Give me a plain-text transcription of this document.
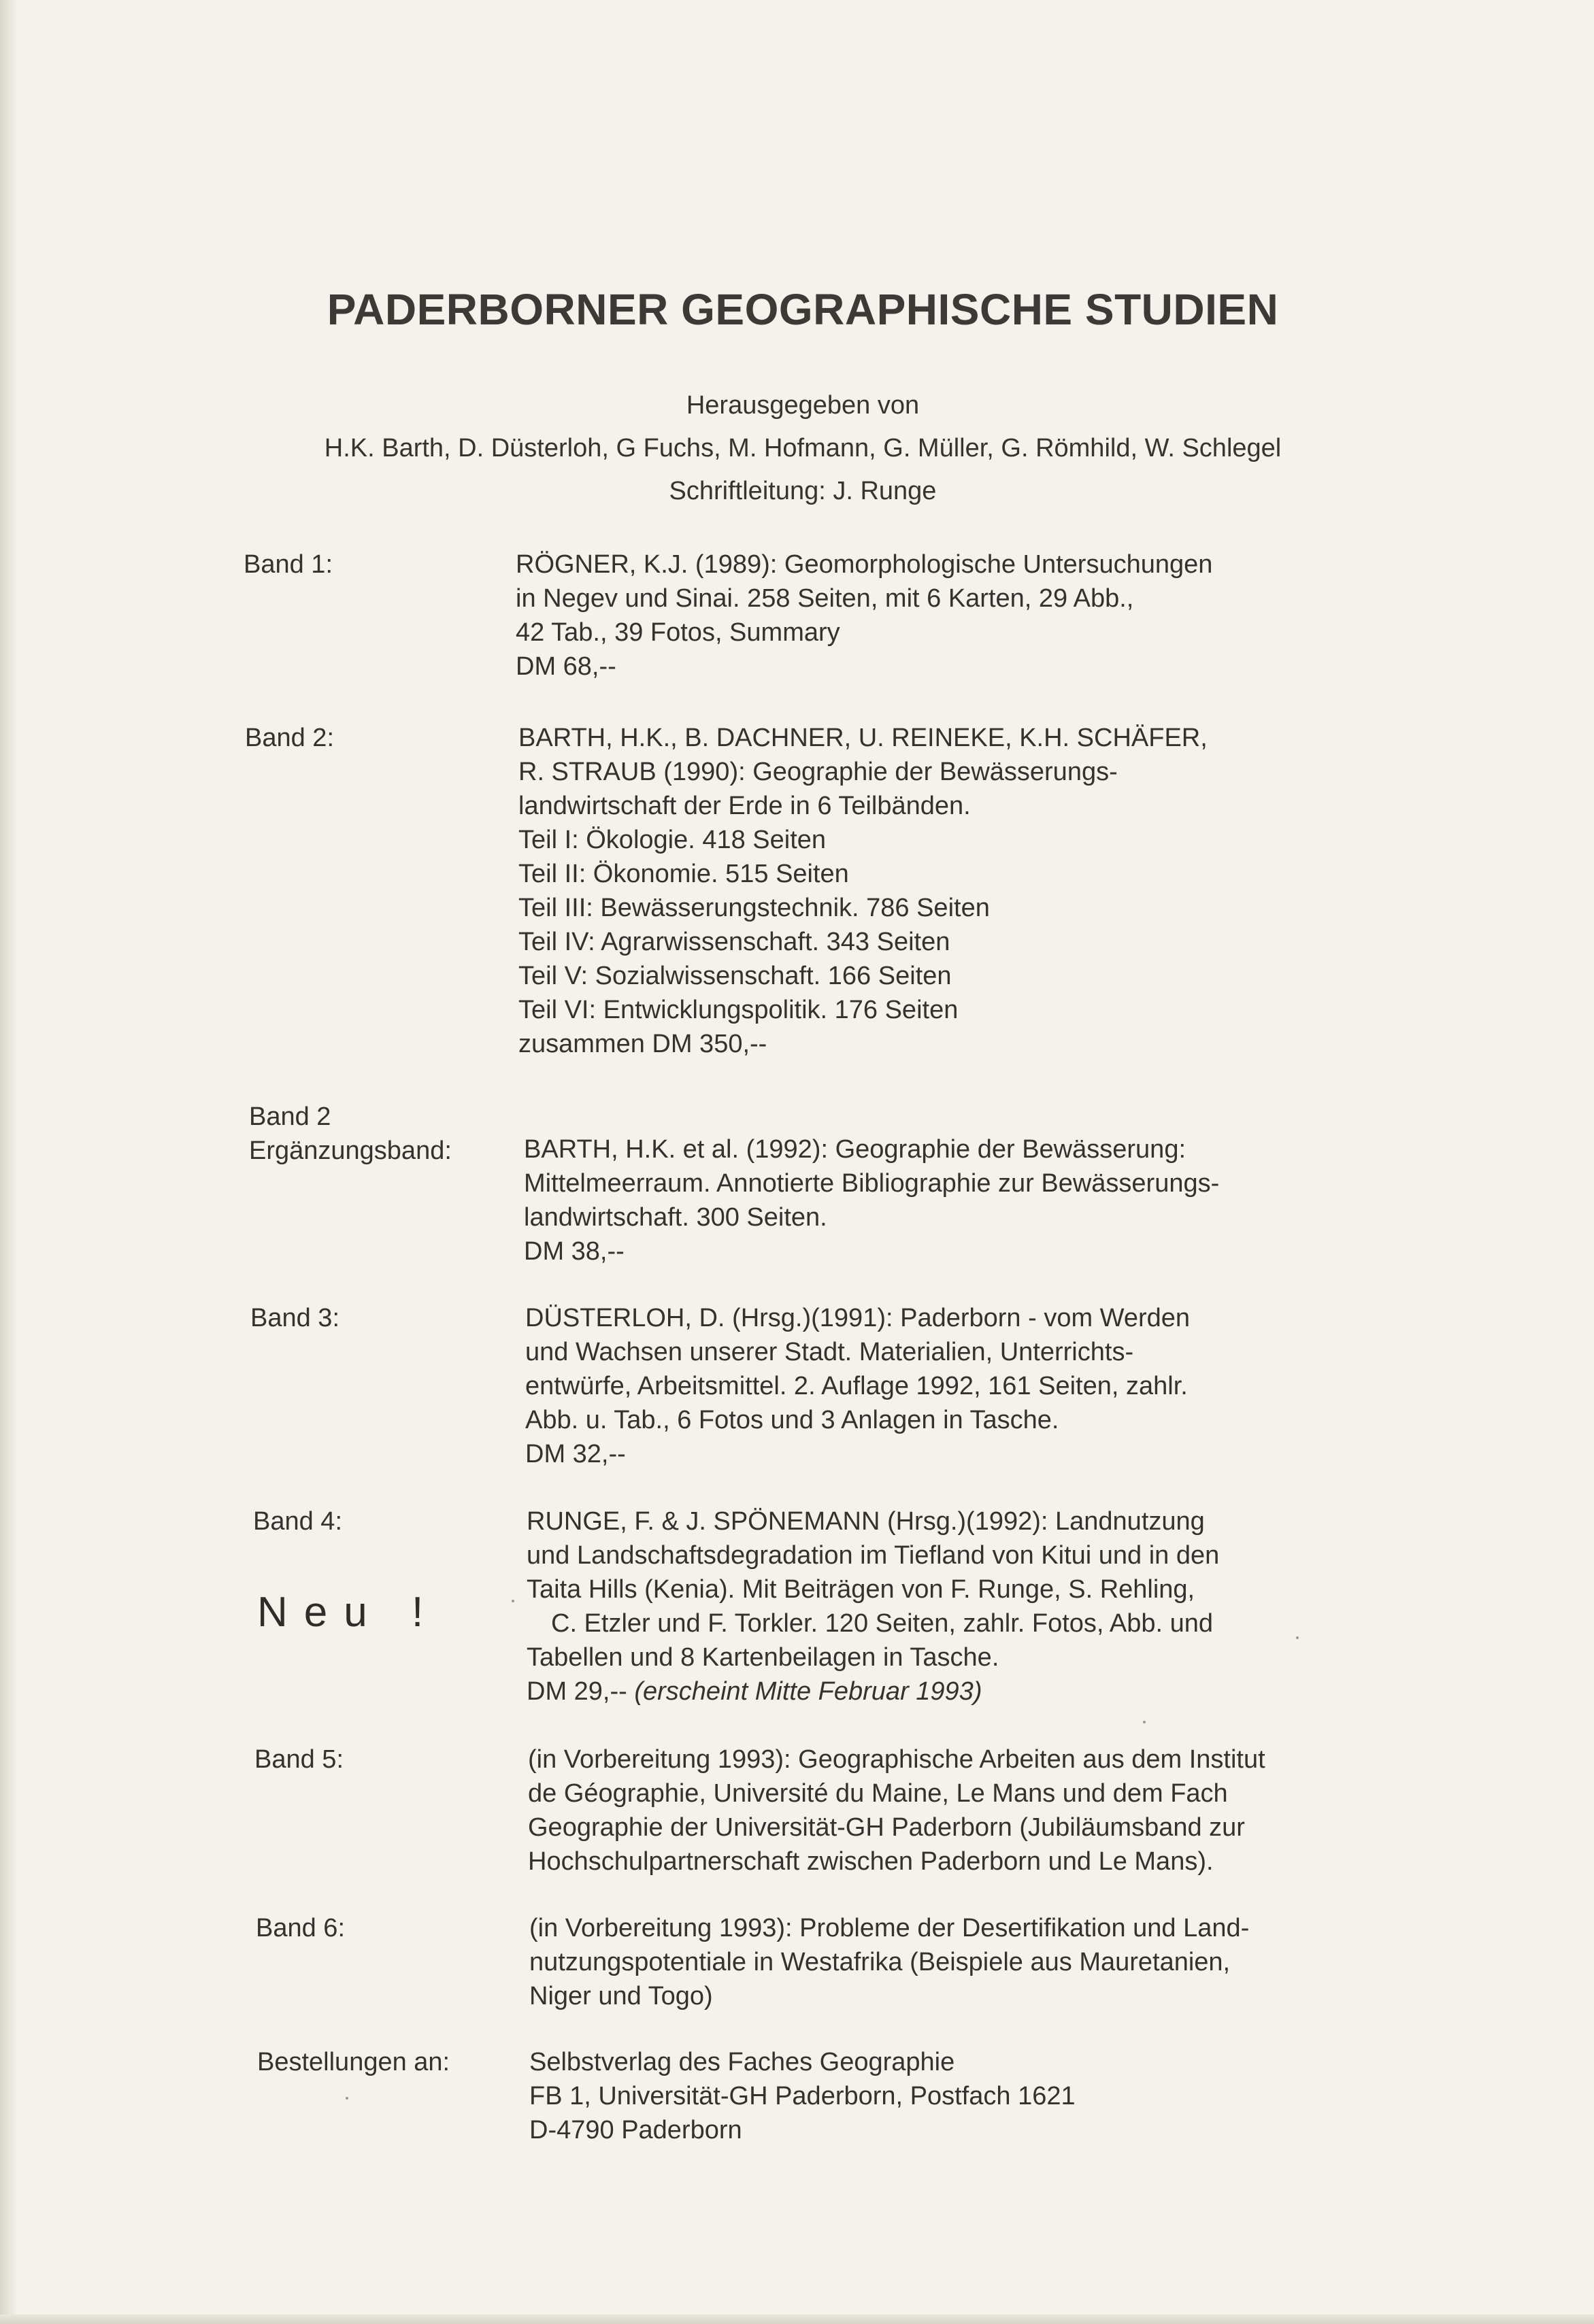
PADERBORNER GEOGRAPHISCHE STUDIEN
Herausgegeben von
H.K. Barth, D. Düsterloh, G Fuchs, M. Hofmann, G. Müller, G. Römhild, W. Schlegel
Schriftleitung: J. Runge
Band 1:	RÖGNER, K.J. (1989): Geomorphologische Untersuchungen
in Negev und Sinai. 258 Seiten, mit 6 Karten, 29 Abb.,
42 Tab., 39 Fotos, Summary
DM 68,--
Band 2:	BARTH, H.K., B. DACHNER, U. REINEKE, K.H. SCHÄFER,
R. STRAUB (1990): Geographie der Bewässerungs-
landwirtschaft der Erde in 6 Teilbänden.
Teil I: Ökologie. 418 Seiten
Teil II: Ökonomie. 515 Seiten
Teil III: Bewässerungstechnik. 786 Seiten
Teil IV: Agrarwissenschaft. 343 Seiten
Teil V: Sozialwissenschaft. 166 Seiten
Teil VI: Entwicklungspolitik. 176 Seiten
zusammen DM 350,--
Band 2
Ergänzungsband:	BARTH, H.K. et al. (1992): Geographie der Bewässerung:
Mittelmeerraum. Annotierte Bibliographie zur Bewässerungs-
landwirtschaft. 300 Seiten.
DM 38,--
Band 3:	DÜSTERLOH, D. (Hrsg.)(1991): Paderborn - vom Werden
und Wachsen unserer Stadt. Materialien, Unterrichts-
entwürfe, Arbeitsmittel. 2. Auflage 1992, 161 Seiten, zahlr.
Abb. u. Tab., 6 Fotos und 3 Anlagen in Tasche.
DM 32,--
Band 4:	RUNGE, F. & J. SPÖNEMANN (Hrsg.)(1992): Landnutzung
und Landschaftsdegradation im Tiefland von Kitui und in den
Taita Hills (Kenia). Mit Beiträgen von F. Runge, S. Rehling,
C. Etzler und F. Torkler. 120 Seiten, zahlr. Fotos, Abb. und
Tabellen und 8 Kartenbeilagen in Tasche.
DM 29,-- (erscheint Mitte Februar 1993)
Neu !
Band 5:	(in Vorbereitung 1993): Geographische Arbeiten aus dem Institut
de Géographie, Université du Maine, Le Mans und dem Fach
Geographie der Universität-GH Paderborn (Jubiläumsband zur
Hochschulpartnerschaft zwischen Paderborn und Le Mans).
Band 6:	(in Vorbereitung 1993): Probleme der Desertifikation und Land-
nutzungspotentiale in Westafrika (Beispiele aus Mauretanien,
Niger und Togo)
Bestellungen an:	Selbstverlag des Faches Geographie
FB 1, Universität-GH Paderborn, Postfach 1621
D-4790 Paderborn
